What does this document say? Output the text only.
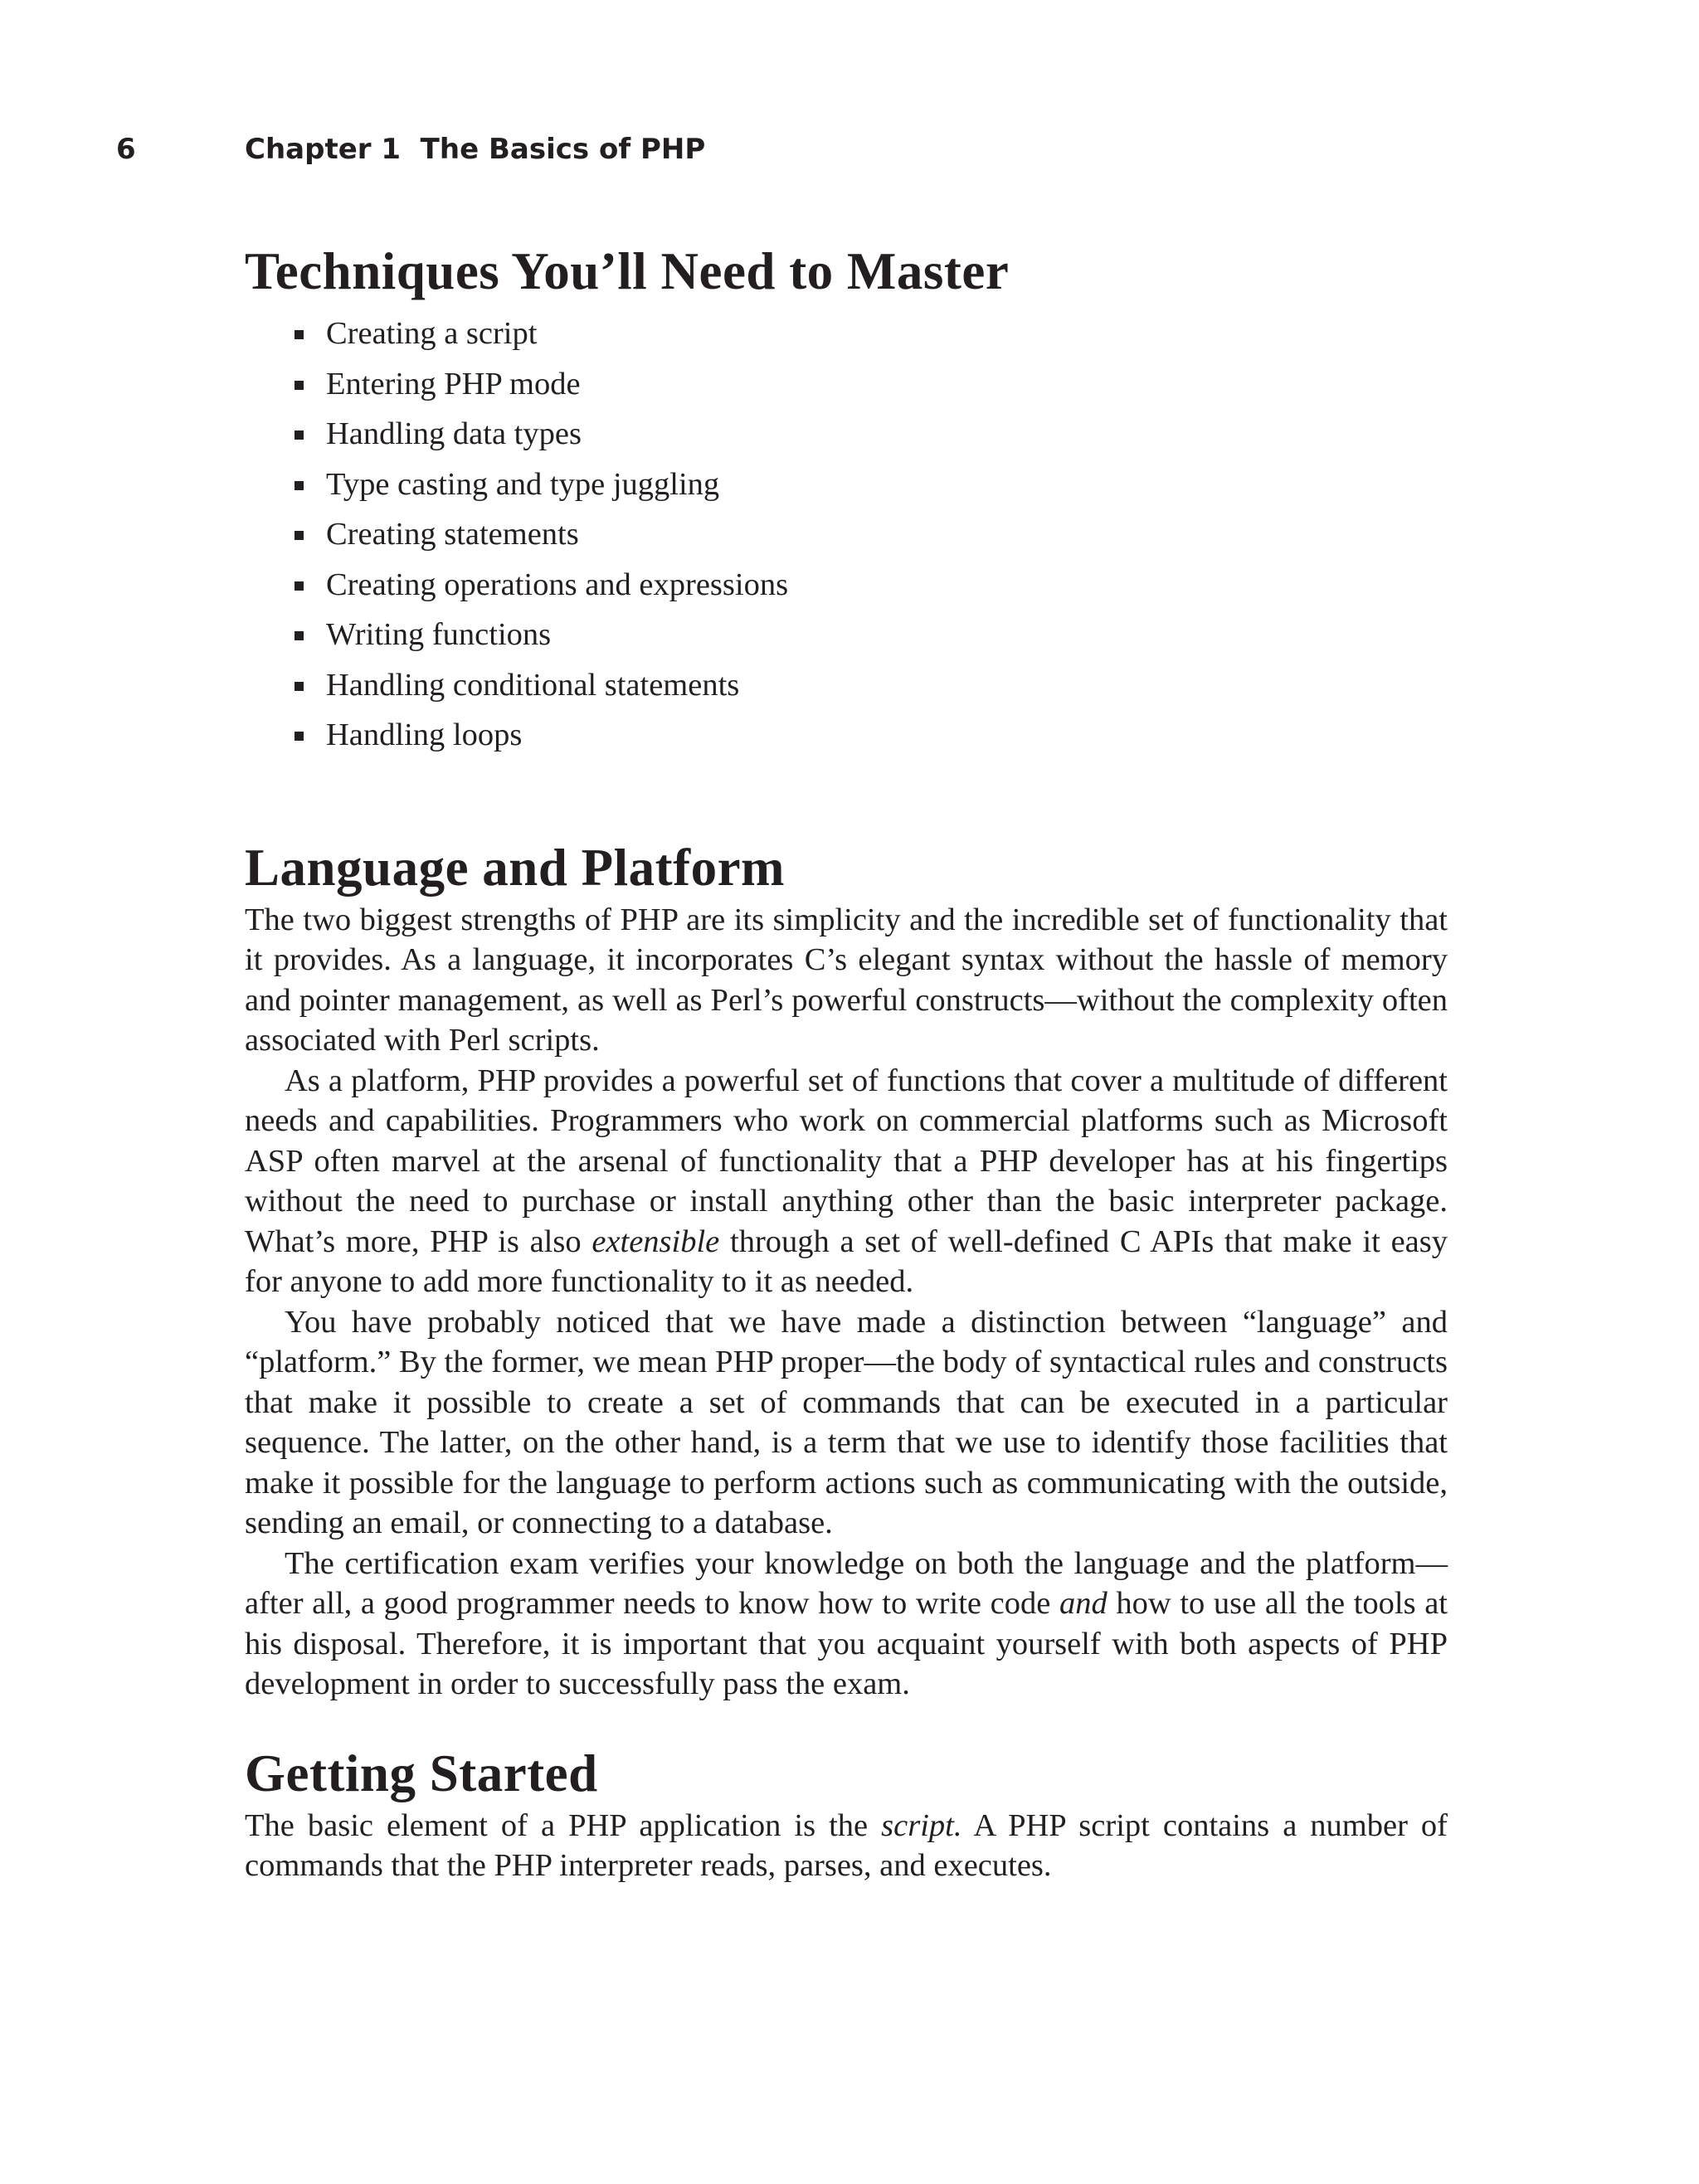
6	Chapter 1  The Basics of PHP
Techniques You’ll Need to Master
Creating a script
Entering PHP mode
Handling data types
Type casting and type juggling
Creating statements
Creating operations and expressions
Writing functions
Handling conditional statements
Handling loops
Language and Platform

The two biggest strengths of PHP are its simplicity and the incredible set of functionality that it provides. As a language, it incorporates C’s elegant syntax without the hassle of memory and pointer management, as well as Perl’s powerful constructs—without the complexity often associated with Perl scripts.

As a platform, PHP provides a powerful set of functions that cover a multitude of different needs and capabilities. Programmers who work on commercial platforms such as Microsoft ASP often marvel at the arsenal of functionality that a PHP developer has at his fingertips without the need to purchase or install anything other than the basic interpreter package. What’s more, PHP is also extensible through a set of well-defined C APIs that make it easy for anyone to add more functionality to it as needed.

You have probably noticed that we have made a distinction between “language” and “platform.” By the former, we mean PHP proper—the body of syntactical rules and constructs that make it possible to create a set of commands that can be executed in a particular sequence. The latter, on the other hand, is a term that we use to identify those facilities that make it possible for the language to perform actions such as communicating with the outside, sending an email, or connecting to a database.

The certification exam verifies your knowledge on both the language and the platform—after all, a good programmer needs to know how to write code and how to use all the tools at his disposal. Therefore, it is important that you acquaint yourself with both aspects of PHP development in order to successfully pass the exam.

Getting Started

The basic element of a PHP application is the script. A PHP script contains a number of commands that the PHP interpreter reads, parses, and executes.
